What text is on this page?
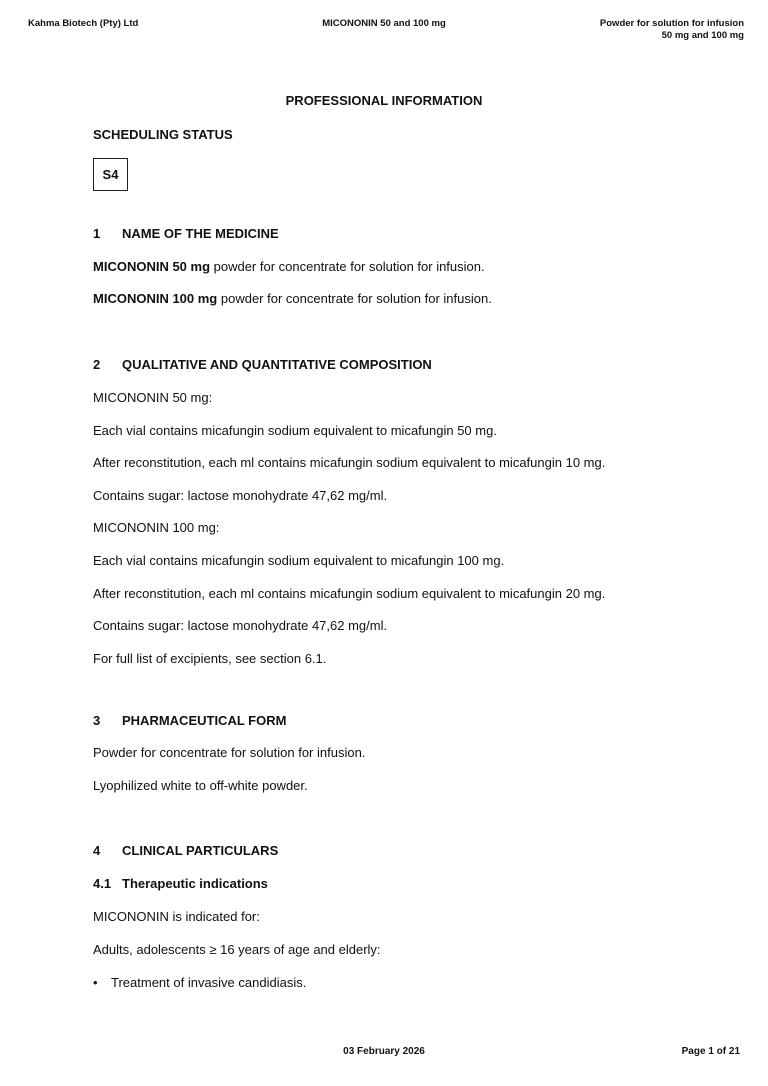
Kahma Biotech (Pty) Ltd	MICONONIN 50 and 100 mg	Powder for solution for infusion
50 mg and 100 mg
PROFESSIONAL INFORMATION
SCHEDULING STATUS
S4
1 NAME OF THE MEDICINE
MICONONIN 50 mg powder for concentrate for solution for infusion.
MICONONIN 100 mg powder for concentrate for solution for infusion.
2 QUALITATIVE AND QUANTITATIVE COMPOSITION
MICONONIN 50 mg:
Each vial contains micafungin sodium equivalent to micafungin 50 mg.
After reconstitution, each ml contains micafungin sodium equivalent to micafungin 10 mg.
Contains sugar: lactose monohydrate 47,62 mg/ml.
MICONONIN 100 mg:
Each vial contains micafungin sodium equivalent to micafungin 100 mg.
After reconstitution, each ml contains micafungin sodium equivalent to micafungin 20 mg.
Contains sugar: lactose monohydrate 47,62 mg/ml.
For full list of excipients, see section 6.1.
3 PHARMACEUTICAL FORM
Powder for concentrate for solution for infusion.
Lyophilized white to off-white powder.
4 CLINICAL PARTICULARS
4.1 Therapeutic indications
MICONONIN is indicated for:
Adults, adolescents ≥ 16 years of age and elderly:
• Treatment of invasive candidiasis.
03 February 2026	Page 1 of 21
